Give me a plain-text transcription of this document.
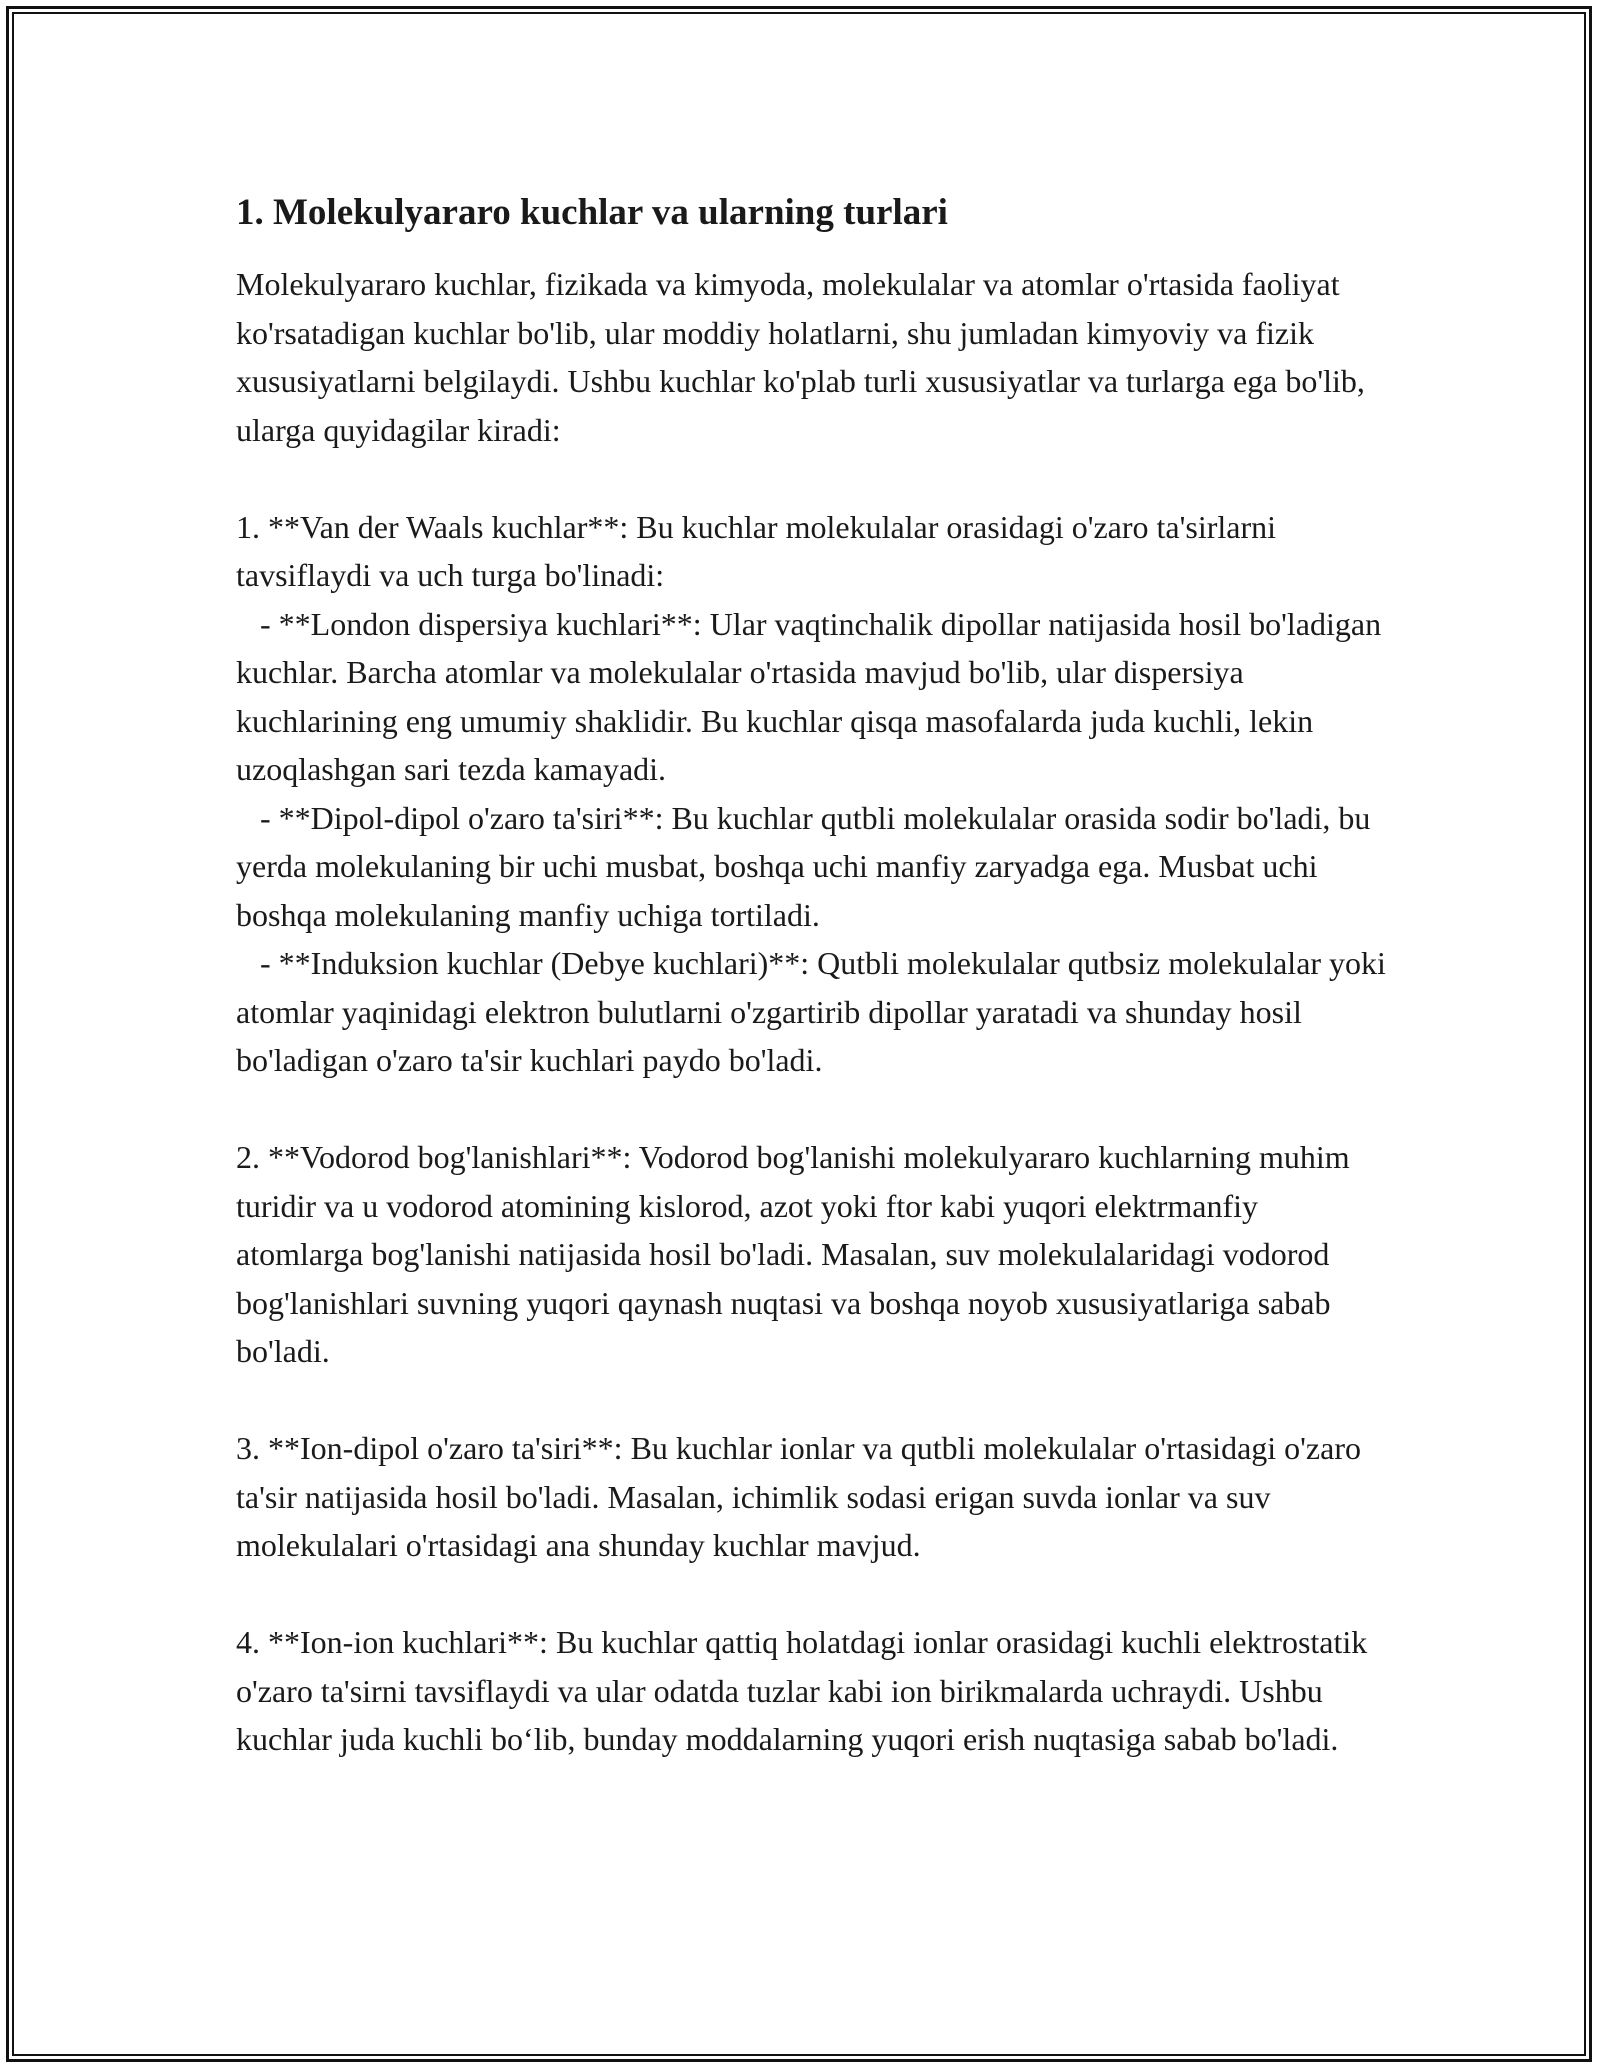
1. Molekulyararo kuchlar va ularning turlari

Molekulyararo kuchlar, fizikada va kimyoda, molekulalar va atomlar o'rtasida faoliyat ko'rsatadigan kuchlar bo'lib, ular moddiy holatlarni, shu jumladan kimyoviy va fizik xususiyatlarni belgilaydi. Ushbu kuchlar ko'plab turli xususiyatlar va turlarga ega bo'lib, ularga quyidagilar kiradi:

1. **Van der Waals kuchlar**: Bu kuchlar molekulalar orasidagi o'zaro ta'sirlarni tavsiflaydi va uch turga bo'linadi:

- **London dispersiya kuchlari**: Ular vaqtinchalik dipollar natijasida hosil bo'ladigan kuchlar. Barcha atomlar va molekulalar o'rtasida mavjud bo'lib, ular dispersiya kuchlarining eng umumiy shaklidir. Bu kuchlar qisqa masofalarda juda kuchli, lekin uzoqlashgan sari tezda kamayadi.

- **Dipol-dipol o'zaro ta'siri**: Bu kuchlar qutbli molekulalar orasida sodir bo'ladi, bu yerda molekulaning bir uchi musbat, boshqa uchi manfiy zaryadga ega. Musbat uchi boshqa molekulaning manfiy uchiga tortiladi.

- **Induksion kuchlar (Debye kuchlari)**: Qutbli molekulalar qutbsiz molekulalar yoki atomlar yaqinidagi elektron bulutlarni o'zgartirib dipollar yaratadi va shunday hosil bo'ladigan o'zaro ta'sir kuchlari paydo bo'ladi.

2. **Vodorod bog'lanishlari**: Vodorod bog'lanishi molekulyararo kuchlarning muhim turidir va u vodorod atomining kislorod, azot yoki ftor kabi yuqori elektrmanfiy atomlarga bog'lanishi natijasida hosil bo'ladi. Masalan, suv molekulalaridagi vodorod bog'lanishlari suvning yuqori qaynash nuqtasi va boshqa noyob xususiyatlariga sabab bo'ladi.

3. **Ion-dipol o'zaro ta'siri**: Bu kuchlar ionlar va qutbli molekulalar o'rtasidagi o'zaro ta'sir natijasida hosil bo'ladi. Masalan, ichimlik sodasi erigan suvda ionlar va suv molekulalari o'rtasidagi ana shunday kuchlar mavjud.

4. **Ion-ion kuchlari**: Bu kuchlar qattiq holatdagi ionlar orasidagi kuchli elektrostatik o'zaro ta'sirni tavsiflaydi va ular odatda tuzlar kabi ion birikmalarda uchraydi. Ushbu kuchlar juda kuchli bo‘lib, bunday moddalarning yuqori erish nuqtasiga sabab bo'ladi.
